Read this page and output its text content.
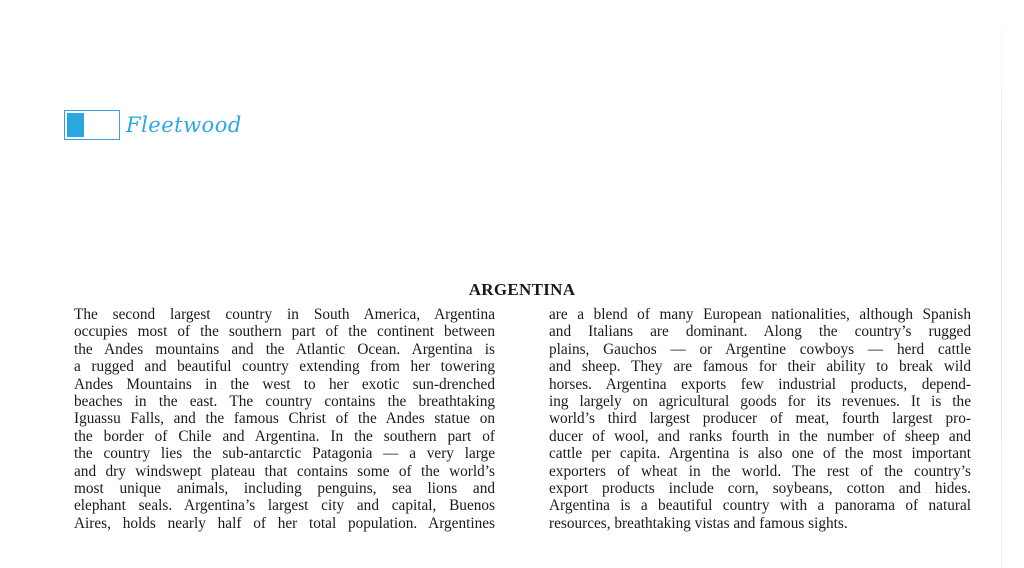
Fleetwood
ARGENTINA
The second largest country in South America, Argentina
occupies most of the southern part of the continent between
the Andes mountains and the Atlantic Ocean. Argentina is
a rugged and beautiful country extending from her towering
Andes Mountains in the west to her exotic sun-drenched
beaches in the east. The country contains the breathtaking
Iguassu Falls, and the famous Christ of the Andes statue on
the border of Chile and Argentina. In the southern part of
the country lies the sub-antarctic Patagonia — a very large
and dry windswept plateau that contains some of the world’s
most unique animals, including penguins, sea lions and
elephant seals. Argentina’s largest city and capital, Buenos
Aires, holds nearly half of her total population. Argentines
are a blend of many European nationalities, although Spanish
and Italians are dominant. Along the country’s rugged
plains, Gauchos — or Argentine cowboys — herd cattle
and sheep. They are famous for their ability to break wild
horses. Argentina exports few industrial products, depend-
ing largely on agricultural goods for its revenues. It is the
world’s third largest producer of meat, fourth largest pro-
ducer of wool, and ranks fourth in the number of sheep and
cattle per capita. Argentina is also one of the most important
exporters of wheat in the world. The rest of the country’s
export products include corn, soybeans, cotton and hides.
Argentina is a beautiful country with a panorama of natural
resources, breathtaking vistas and famous sights.
